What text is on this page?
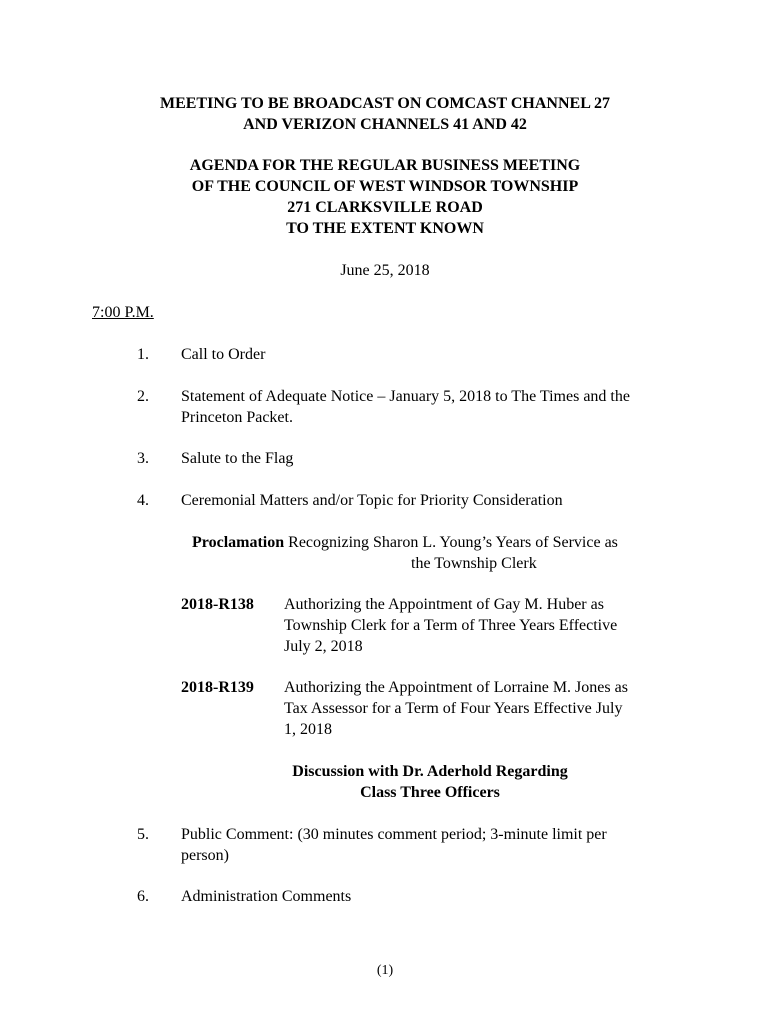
MEETING TO BE BROADCAST ON COMCAST CHANNEL 27
AND VERIZON CHANNELS 41 AND 42
AGENDA FOR THE REGULAR BUSINESS MEETING
OF THE COUNCIL OF WEST WINDSOR TOWNSHIP
271 CLARKSVILLE ROAD
TO THE EXTENT KNOWN
June 25, 2018
7:00 P.M.
1. Call to Order
2. Statement of Adequate Notice – January 5, 2018 to The Times and the
Princeton Packet.
3. Salute to the Flag
4. Ceremonial Matters and/or Topic for Priority Consideration
Proclamation Recognizing Sharon L. Young’s Years of Service as
the Township Clerk
2018-R138 Authorizing the Appointment of Gay M. Huber as
Township Clerk for a Term of Three Years Effective
July 2, 2018
2018-R139 Authorizing the Appointment of Lorraine M. Jones as
Tax Assessor for a Term of Four Years Effective July
1, 2018
Discussion with Dr. Aderhold Regarding
Class Three Officers
5. Public Comment: (30 minutes comment period; 3-minute limit per
person)
6. Administration Comments
(1)
